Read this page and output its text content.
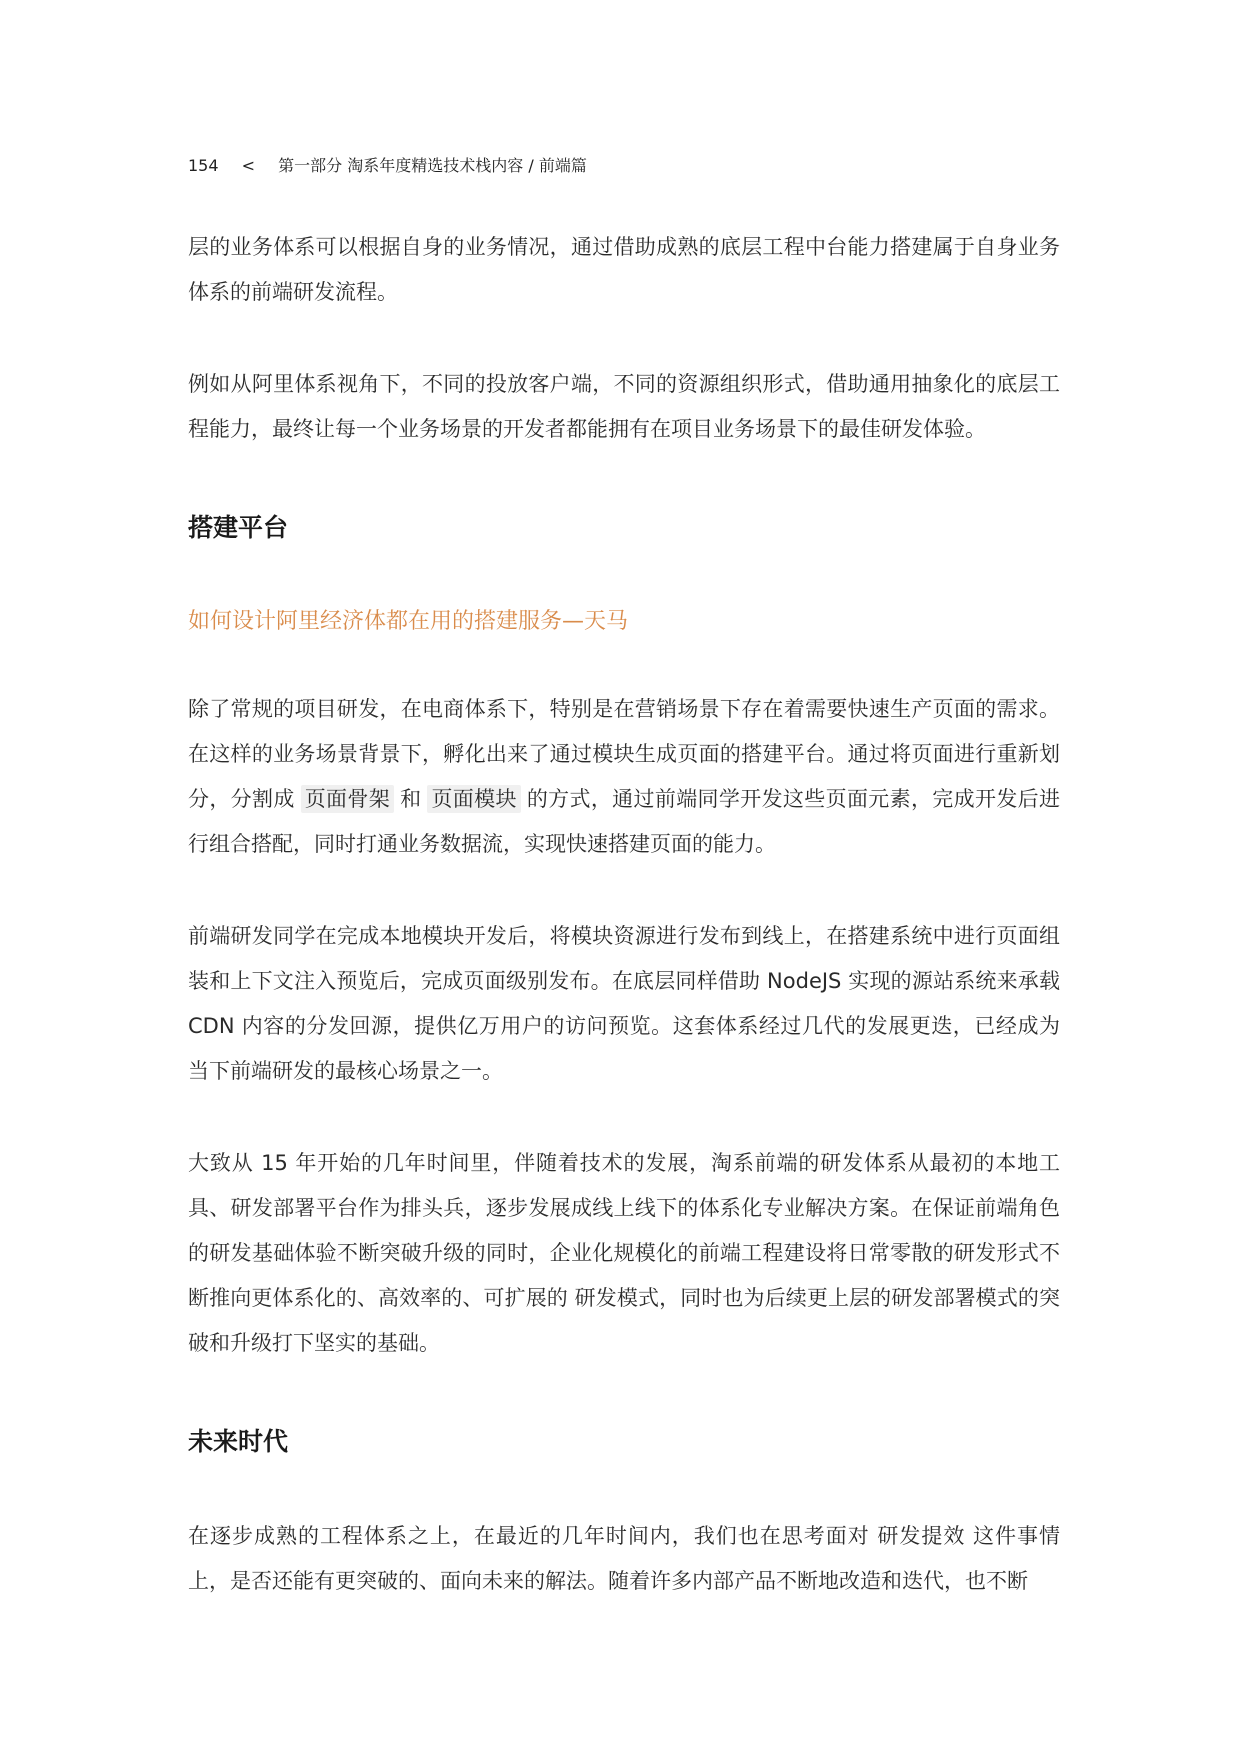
154 < 第一部分 淘系年度精选技术栈内容 / 前端篇

层的业务体系可以根据自身的业务情况，通过借助成熟的底层工程中台能力搭建属于自身业务体系的前端研发流程。

例如从阿里体系视角下，不同的投放客户端，不同的资源组织形式，借助通用抽象化的底层工程能力，最终让每一个业务场景的开发者都能拥有在项目业务场景下的最佳研发体验。

搭建平台

如何设计阿里经济体都在用的搭建服务—天马

除了常规的项目研发，在电商体系下，特别是在营销场景下存在着需要快速生产页面的需求。在这样的业务场景背景下，孵化出来了通过模块生成页面的搭建平台。通过将页面进行重新划分，分割成 页面骨架 和 页面模块 的方式，通过前端同学开发这些页面元素，完成开发后进行组合搭配，同时打通业务数据流，实现快速搭建页面的能力。

前端研发同学在完成本地模块开发后，将模块资源进行发布到线上，在搭建系统中进行页面组装和上下文注入预览后，完成页面级别发布。在底层同样借助 NodeJS 实现的源站系统来承载 CDN 内容的分发回源，提供亿万用户的访问预览。这套体系经过几代的发展更迭，已经成为当下前端研发的最核心场景之一。

大致从 15 年开始的几年时间里，伴随着技术的发展，淘系前端的研发体系从最初的本地工具、研发部署平台作为排头兵，逐步发展成线上线下的体系化专业解决方案。在保证前端角色的研发基础体验不断突破升级的同时，企业化规模化的前端工程建设将日常零散的研发形式不断推向更体系化的、高效率的、可扩展的 研发模式，同时也为后续更上层的研发部署模式的突破和升级打下坚实的基础。

未来时代

在逐步成熟的工程体系之上，在最近的几年时间内，我们也在思考面对 研发提效 这件事情上，是否还能有更突破的、面向未来的解法。随着许多内部产品不断地改造和迭代，也不断
